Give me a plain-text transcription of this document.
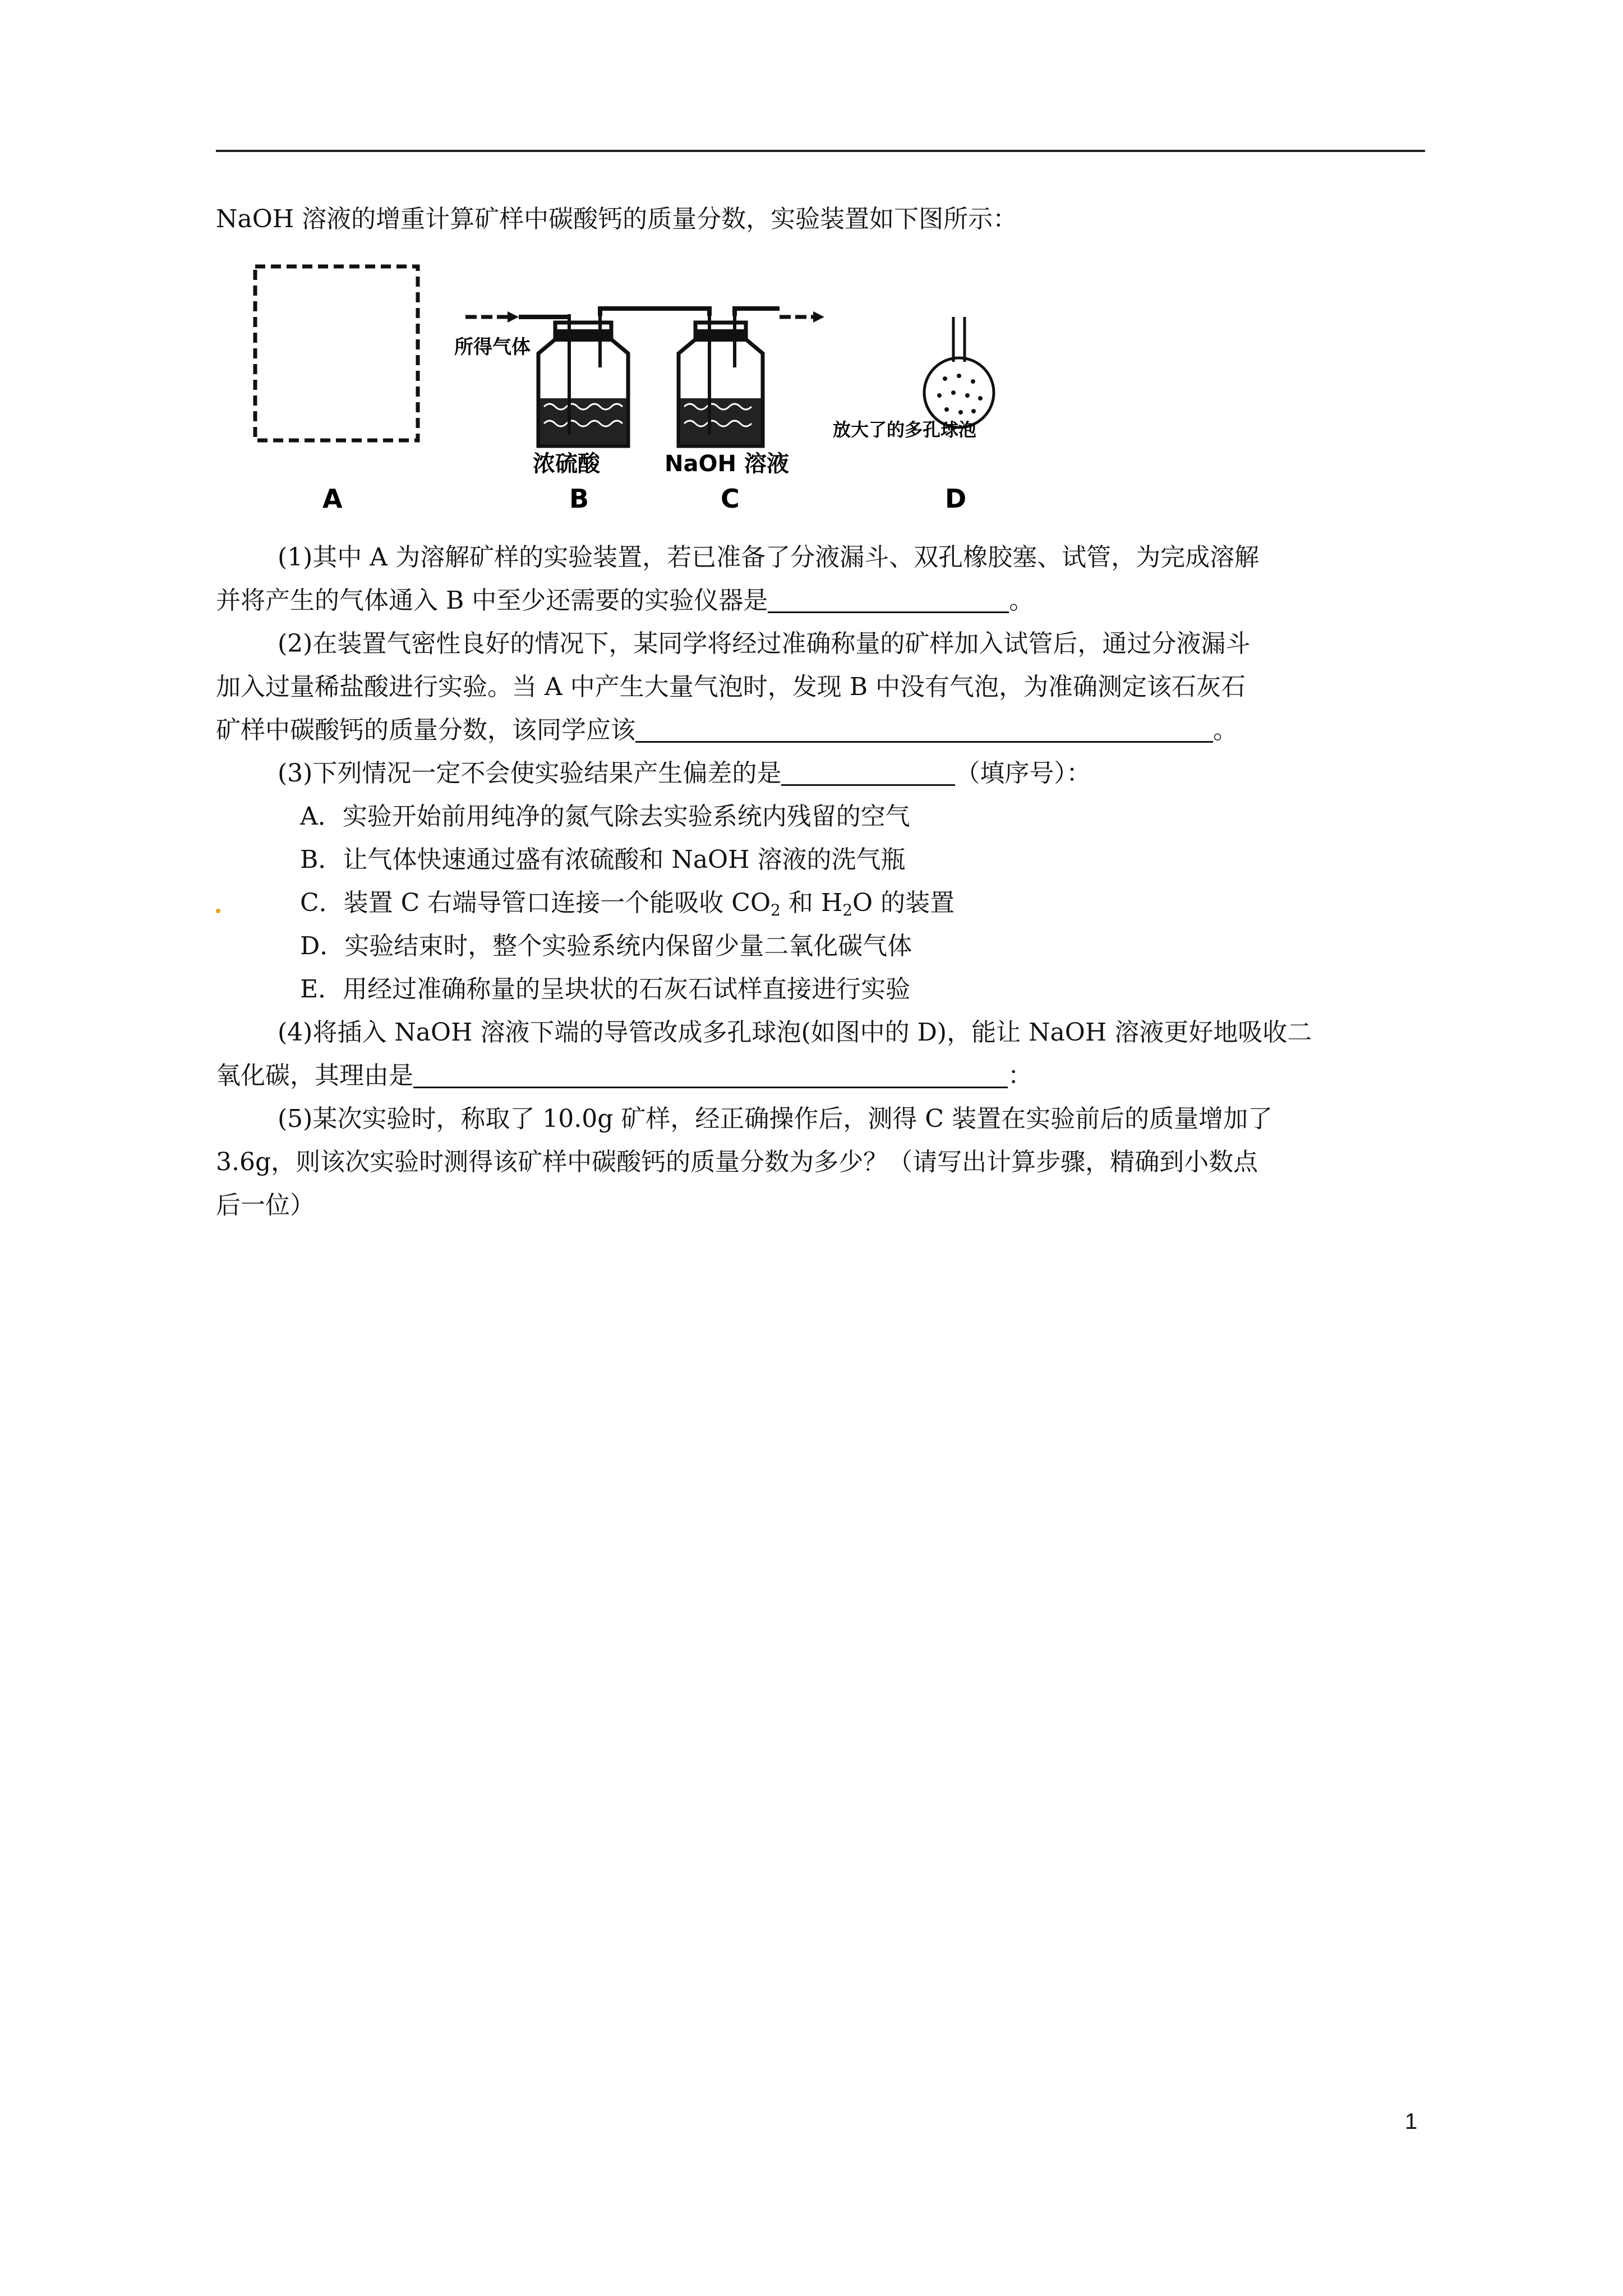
NaOH 溶液的增重计算矿样中碳酸钙的质量分数，实验装置如下图所示：
所得气体
放大了的多孔球泡
浓硫酸	NaOH 溶液
A	B	C	D
(1)其中 A 为溶解矿样的实验装置，若已准备了分液漏斗、双孔橡胶塞、试管，为完成溶解
并将产生的气体通入 B 中至少还需要的实验仪器是	。
(2)在装置气密性良好的情况下，某同学将经过准确称量的矿样加入试管后，通过分液漏斗
加入过量稀盐酸进行实验。当 A 中产生大量气泡时，发现 B 中没有气泡，为准确测定该石灰石
矿样中碳酸钙的质量分数，该同学应该	。
(3)下列情况一定不会使实验结果产生偏差的是	（填序号）：
A．实验开始前用纯净的氮气除去实验系统内残留的空气
B．让气体快速通过盛有浓硫酸和 NaOH 溶液的洗气瓶
C．装置 C 右端导管口连接一个能吸收 $CO_2$ 和 $H_2O$ 的装置
D．实验结束时，整个实验系统内保留少量二氧化碳气体
E．用经过准确称量的呈块状的石灰石试样直接进行实验
(4)将插入 NaOH 溶液下端的导管改成多孔球泡(如图中的 D)，能让 NaOH 溶液更好地吸收二
氧化碳，其理由是	：
(5)某次实验时，称取了 10.0g 矿样，经正确操作后，测得 C 装置在实验前后的质量增加了
3.6g，则该次实验时测得该矿样中碳酸钙的质量分数为多少？（请写出计算步骤，精确到小数点
后一位）
1
